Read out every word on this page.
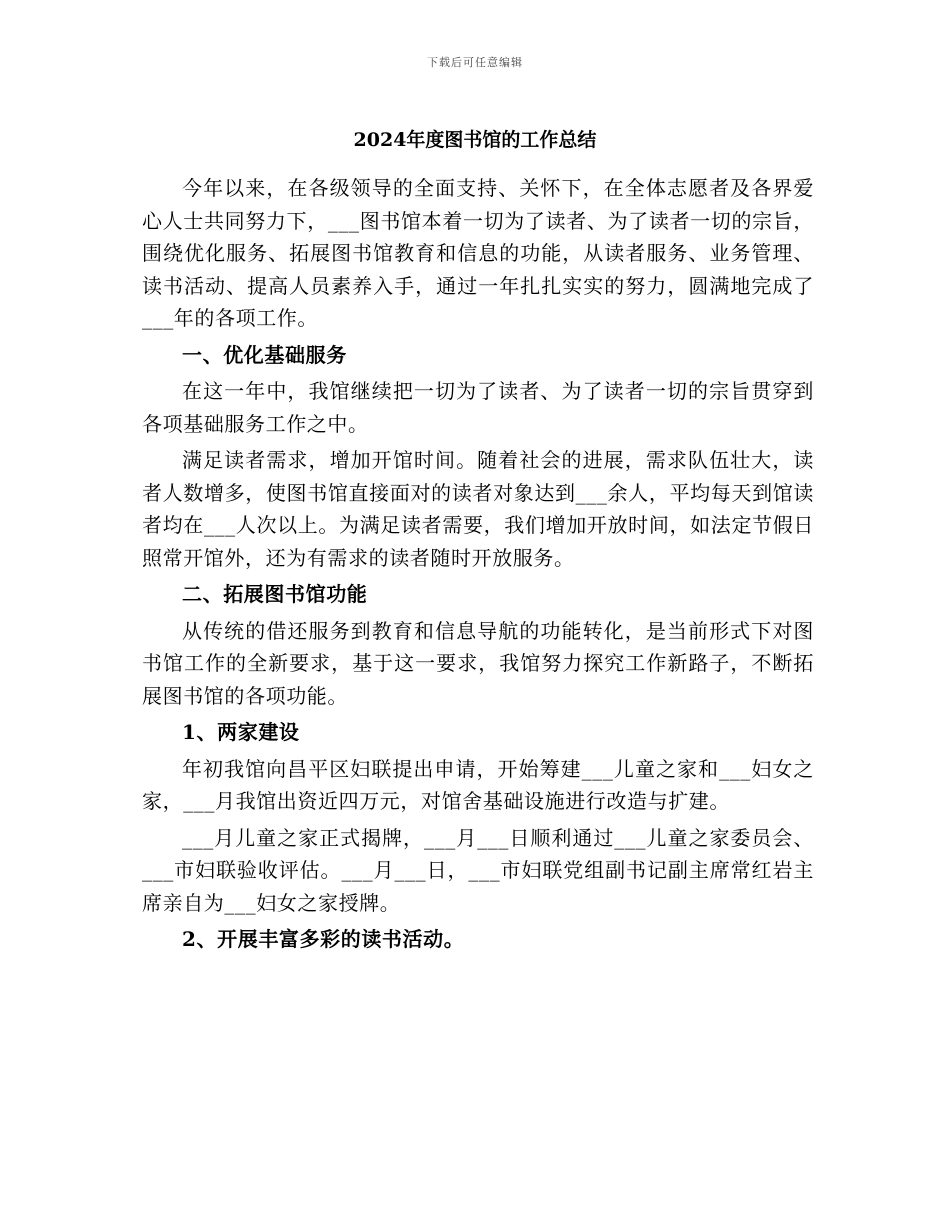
下载后可任意编辑
2024年度图书馆的工作总结

今年以来，在各级领导的全面支持、关怀下，在全体志愿者及各界爱心人士共同努力下，___图书馆本着一切为了读者、为了读者一切的宗旨，围绕优化服务、拓展图书馆教育和信息的功能，从读者服务、业务管理、读书活动、提高人员素养入手，通过一年扎扎实实的努力，圆满地完成了___年的各项工作。

一、优化基础服务

在这一年中，我馆继续把一切为了读者、为了读者一切的宗旨贯穿到各项基础服务工作之中。

满足读者需求，增加开馆时间。随着社会的进展，需求队伍壮大，读者人数增多，使图书馆直接面对的读者对象达到___余人，平均每天到馆读者均在___人次以上。为满足读者需要，我们增加开放时间，如法定节假日照常开馆外，还为有需求的读者随时开放服务。

二、拓展图书馆功能

从传统的借还服务到教育和信息导航的功能转化，是当前形式下对图书馆工作的全新要求，基于这一要求，我馆努力探究工作新路子，不断拓展图书馆的各项功能。

1、两家建设

年初我馆向昌平区妇联提出申请，开始筹建___儿童之家和___妇女之家，___月我馆出资近四万元，对馆舍基础设施进行改造与扩建。

___月儿童之家正式揭牌，___月___日顺利通过___儿童之家委员会、___市妇联验收评估。___月___日，___市妇联党组副书记副主席常红岩主席亲自为___妇女之家授牌。

2、开展丰富多彩的读书活动。
